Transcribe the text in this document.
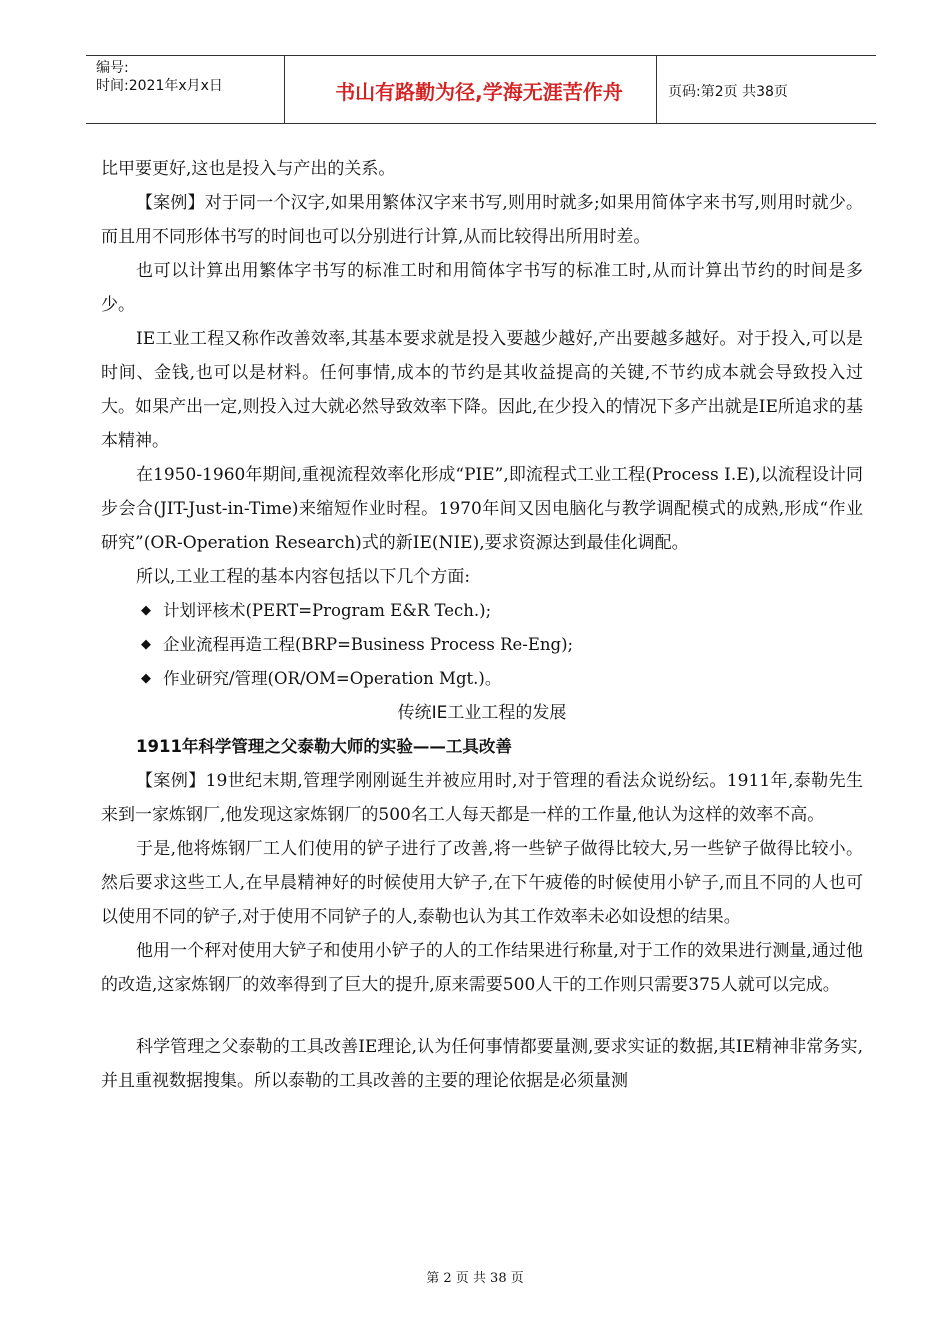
编号:
时间:2021年x月x日	书山有路勤为径,学海无涯苦作舟	页码:第2页 共38页

比甲要更好,这也是投入与产出的关系。

【案例】对于同一个汉字,如果用繁体汉字来书写,则用时就多;如果用简体字来书写,则用时就少。而且用不同形体书写的时间也可以分别进行计算,从而比较得出所用时差。

也可以计算出用繁体字书写的标准工时和用简体字书写的标准工时,从而计算出节约的时间是多少。

IE工业工程又称作改善效率,其基本要求就是投入要越少越好,产出要越多越好。对于投入,可以是时间、金钱,也可以是材料。任何事情,成本的节约是其收益提高的关键,不节约成本就会导致投入过大。如果产出一定,则投入过大就必然导致效率下降。因此,在少投入的情况下多产出就是IE所追求的基本精神。

在1950-1960年期间,重视流程效率化形成“PIE”,即流程式工业工程(Process I.E),以流程设计同步会合(JIT-Just-in-Time)来缩短作业时程。1970年间又因电脑化与教学调配模式的成熟,形成“作业研究”(OR-Operation Research)式的新IE(NIE),要求资源达到最佳化调配。

所以,工业工程的基本内容包括以下几个方面:

◆ 计划评核术(PERT=Program E&R Tech.);
◆ 企业流程再造工程(BRP=Business Process Re-Eng);
◆ 作业研究/管理(OR/OM=Operation Mgt.)。

传统IE工业工程的发展

1911年科学管理之父泰勒大师的实验——工具改善

【案例】19世纪末期,管理学刚刚诞生并被应用时,对于管理的看法众说纷纭。1911年,泰勒先生来到一家炼钢厂,他发现这家炼钢厂的500名工人每天都是一样的工作量,他认为这样的效率不高。

于是,他将炼钢厂工人们使用的铲子进行了改善,将一些铲子做得比较大,另一些铲子做得比较小。然后要求这些工人,在早晨精神好的时候使用大铲子,在下午疲倦的时候使用小铲子,而且不同的人也可以使用不同的铲子,对于使用不同铲子的人,泰勒也认为其工作效率未必如设想的结果。

他用一个秤对使用大铲子和使用小铲子的人的工作结果进行称量,对于工作的效果进行测量,通过他的改造,这家炼钢厂的效率得到了巨大的提升,原来需要500人干的工作则只需要375人就可以完成。

科学管理之父泰勒的工具改善IE理论,认为任何事情都要量测,要求实证的数据,其IE精神非常务实,并且重视数据搜集。所以泰勒的工具改善的主要的理论依据是必须量测

第 2 页 共 38 页
